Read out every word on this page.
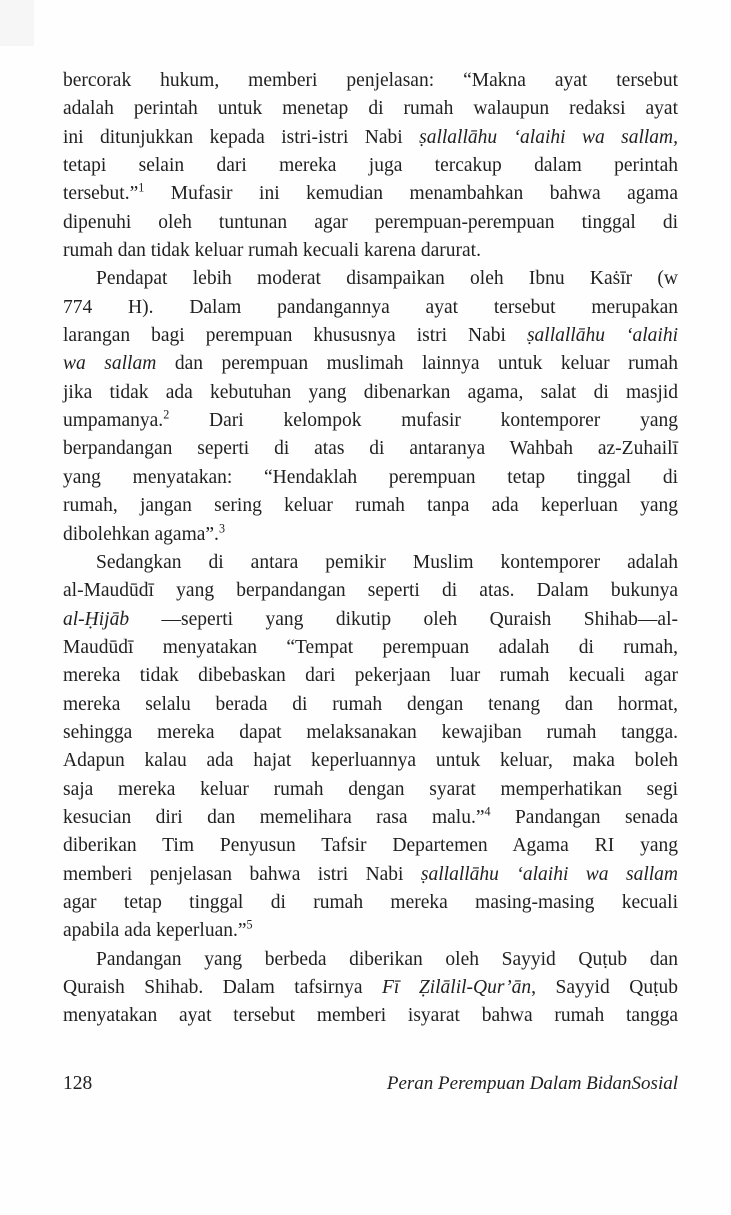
bercorak hukum, memberi penjelasan: “Makna ayat tersebut
adalah perintah untuk menetap di rumah walaupun redaksi ayat
ini ditunjukkan kepada istri-istri Nabi ṣallallāhu ‘alaihi wa sallam,
tetapi selain dari mereka juga tercakup dalam perintah
tersebut.”$^1$ Mufasir ini kemudian menambahkan bahwa agama
dipenuhi oleh tuntunan agar perempuan-perempuan tinggal di
rumah dan tidak keluar rumah kecuali karena darurat.
Pendapat lebih moderat disampaikan oleh Ibnu Kaṡīr (w
774 H). Dalam pandangannya ayat tersebut merupakan
larangan bagi perempuan khususnya istri Nabi ṣallallāhu ‘alaihi
wa sallam dan perempuan muslimah lainnya untuk keluar rumah
jika tidak ada kebutuhan yang dibenarkan agama, salat di masjid
umpamanya.$^2$ Dari kelompok mufasir kontemporer yang
berpandangan seperti di atas di antaranya Wahbah az-Zuhailī
yang menyatakan: “Hendaklah perempuan tetap tinggal di
rumah, jangan sering keluar rumah tanpa ada keperluan yang
dibolehkan agama”.$^3$
Sedangkan di antara pemikir Muslim kontemporer adalah
al-Maudūdī yang berpandangan seperti di atas. Dalam bukunya
al-Ḥijāb —seperti yang dikutip oleh Quraish Shihab—al-
Maudūdī menyatakan “Tempat perempuan adalah di rumah,
mereka tidak dibebaskan dari pekerjaan luar rumah kecuali agar
mereka selalu berada di rumah dengan tenang dan hormat,
sehingga mereka dapat melaksanakan kewajiban rumah tangga.
Adapun kalau ada hajat keperluannya untuk keluar, maka boleh
saja mereka keluar rumah dengan syarat memperhatikan segi
kesucian diri dan memelihara rasa malu.”$^4$ Pandangan senada
diberikan Tim Penyusun Tafsir Departemen Agama RI yang
memberi penjelasan bahwa istri Nabi ṣallallāhu ‘alaihi wa sallam
agar tetap tinggal di rumah mereka masing-masing kecuali
apabila ada keperluan.”$^5$
Pandangan yang berbeda diberikan oleh Sayyid Quṭub dan
Quraish Shihab. Dalam tafsirnya Fī Ẓilālil-Qur’ān, Sayyid Quṭub
menyatakan ayat tersebut memberi isyarat bahwa rumah tangga
128	Peran Perempuan Dalam BidanSosial
